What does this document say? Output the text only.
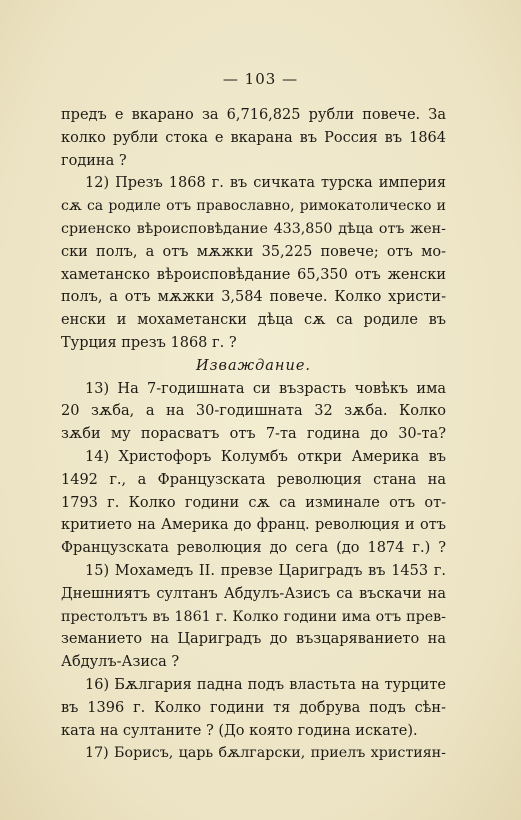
— 103 —
предъ е вкарано за 6,716,825 рубли повече. За
колко рубли стока е вкарана въ Россия въ 1864
година ?
12) Презъ 1868 г. въ сичката турска империя
сѫ са родиле отъ православно, римокатолическо и
сриенско вѣроисповѣдание 433,850 дѣца отъ жен-
ски полъ, а отъ мѫжки 35,225 повече; отъ мо-
хаметанско вѣроисповѣдание 65,350 отъ женски
полъ, а отъ мѫжки 3,584 повече. Колко христи-
енски и мохаметански дѣца сѫ са родиле въ
Турция презъ 1868 г. ?
Изваждание.
13) На 7-годишната си възрасть човѣкъ има
20 зѫба, а на 30-годишната 32 зѫба. Колко
зѫби му порасватъ отъ 7-та година до 30-та?
14) Христофоръ Колумбъ откри Америка въ
1492 г., а Французската революция стана на
1793 г. Колко години сѫ са изминале отъ от-
критието на Америка до франц. революция и отъ
Французската революция до сега (до 1874 г.) ?
15) Мохамедъ II. превзе Цариградъ въ 1453 г.
Днешниятъ султанъ Абдулъ-Азисъ са въскачи на
престолътъ въ 1861 г. Колко години има отъ прев-
земанието на Цариградъ до възцаряванието на
Абдулъ-Азиса ?
16) Бѫлгария падна подъ властьта на турците
въ 1396 г. Колко години тя добрува подъ сѣн-
ката на султаните ? (До която година искате).
17) Борисъ, царь бѫлгарски, приелъ християн-
